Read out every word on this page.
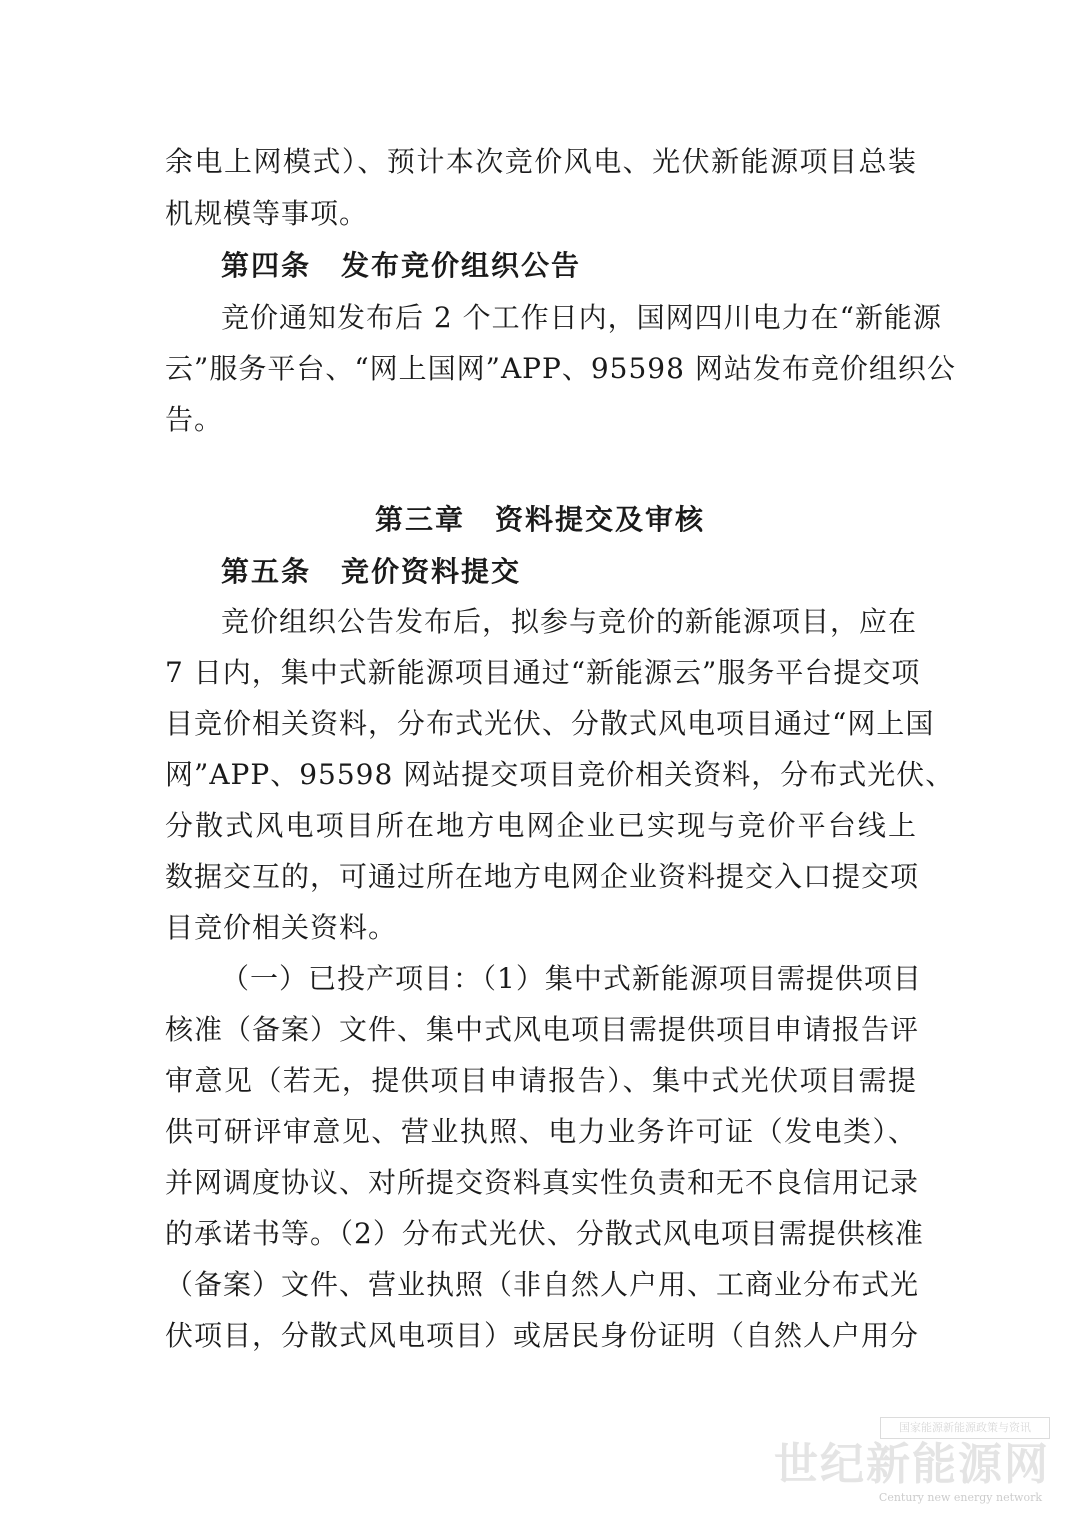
余电上网模式）、预计本次竞价风电、光伏新能源项目总装
机规模等事项。
第四条 发布竞价组织公告
竞价通知发布后 2 个工作日内，国网四川电力在“新能源
云”服务平台、“网上国网”APP、95598 网站发布竞价组织公
告。
第三章 资料提交及审核
第五条 竞价资料提交
竞价组织公告发布后，拟参与竞价的新能源项目，应在
7 日内，集中式新能源项目通过“新能源云”服务平台提交项
目竞价相关资料，分布式光伏、分散式风电项目通过“网上国
网”APP、95598 网站提交项目竞价相关资料，分布式光伏、
分散式风电项目所在地方电网企业已实现与竞价平台线上
数据交互的，可通过所在地方电网企业资料提交入口提交项
目竞价相关资料。
（一）已投产项目：（1）集中式新能源项目需提供项目
核准（备案）文件、集中式风电项目需提供项目申请报告评
审意见（若无，提供项目申请报告）、集中式光伏项目需提
供可研评审意见、营业执照、电力业务许可证（发电类）、
并网调度协议、对所提交资料真实性负责和无不良信用记录
的承诺书等。（2）分布式光伏、分散式风电项目需提供核准
（备案）文件、营业执照（非自然人户用、工商业分布式光
伏项目，分散式风电项目）或居民身份证明（自然人户用分
国家能源新能源政策与资讯
世纪新能源网
Century new energy network
